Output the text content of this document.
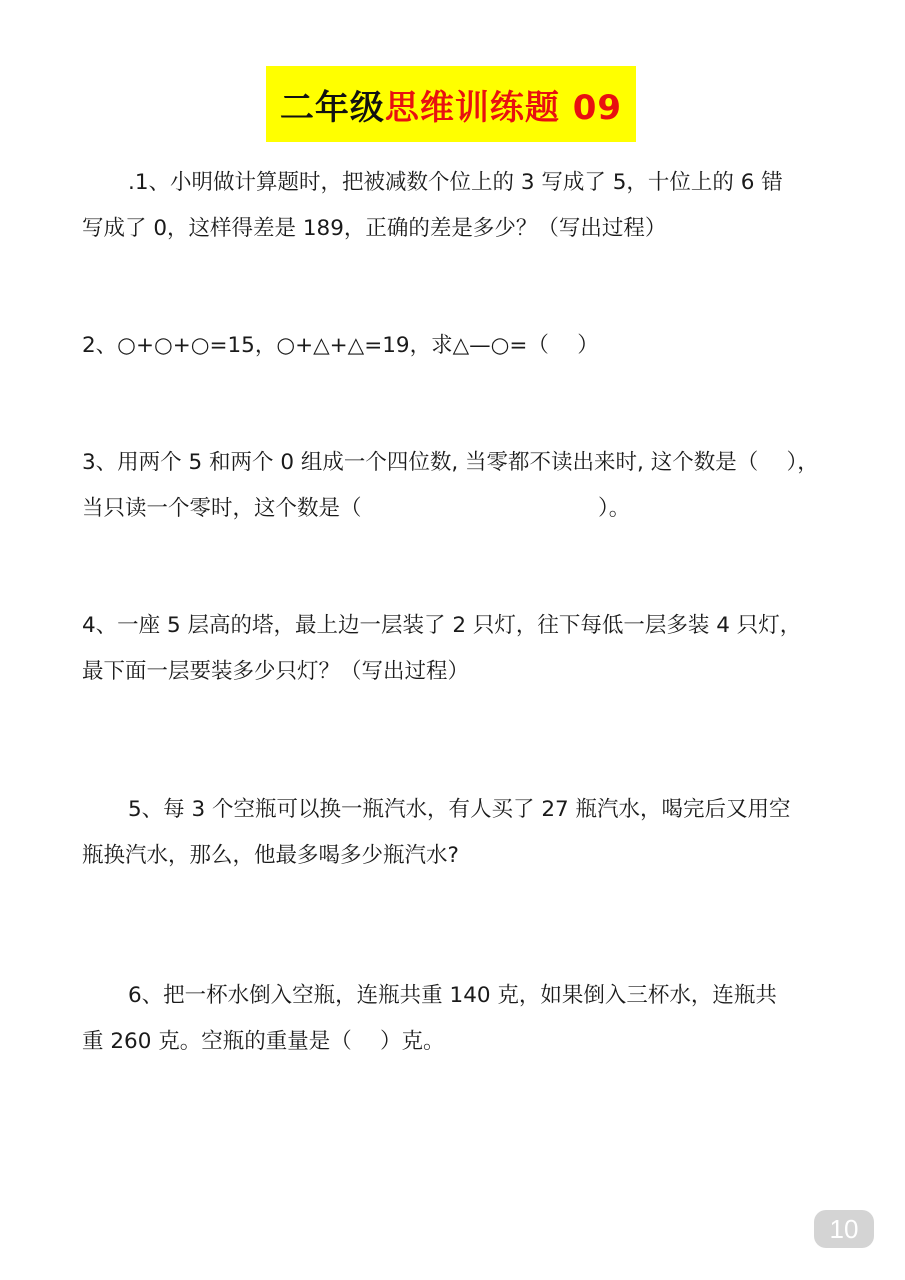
二年级思维训练题 09
.1、小明做计算题时，把被减数个位上的 3 写成了 5，十位上的 6 错
写成了 0，这样得差是 189，正确的差是多少？（写出过程）
2、○+○+○=15，○+△+△=19，求△—○=（　 ）
3、用两个 5 和两个 0 组成一个四位数, 当零都不读出来时, 这个数是（　 ），
当只读一个零时，这个数是（　　　　　　　　　　　）。
4、一座 5 层高的塔，最上边一层装了 2 只灯，往下每低一层多装 4 只灯，
最下面一层要装多少只灯？（写出过程）
5、每 3 个空瓶可以换一瓶汽水，有人买了 27 瓶汽水，喝完后又用空
瓶换汽水，那么，他最多喝多少瓶汽水?
6、把一杯水倒入空瓶，连瓶共重 140 克，如果倒入三杯水，连瓶共
重 260 克。空瓶的重量是（　 ）克。
10
